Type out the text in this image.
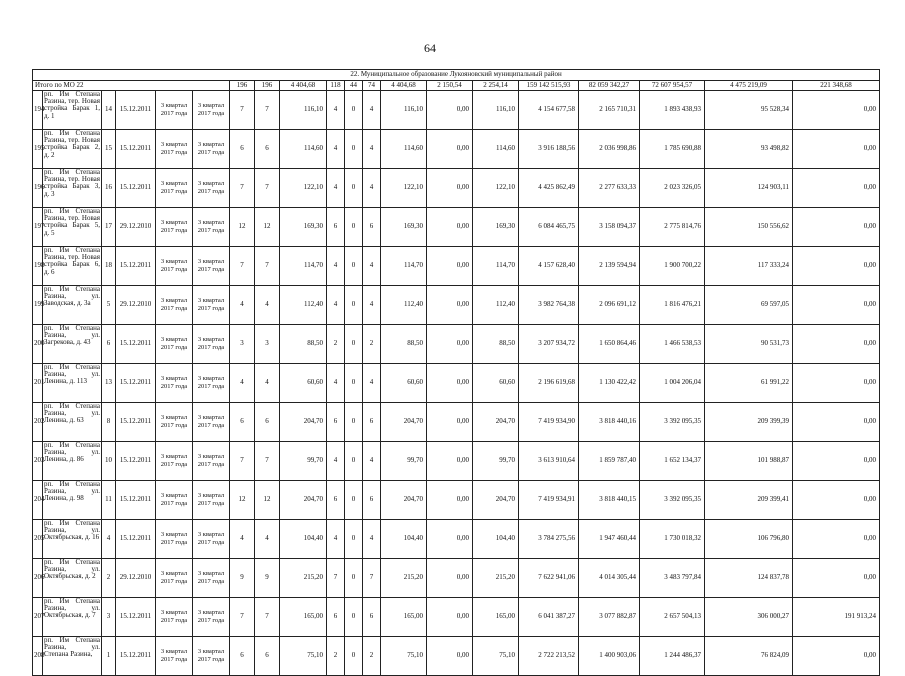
64
22. Муниципальное образование Лукояновский муниципальный район																			
Итого по МО 22						196	196	4 404,68	118	44	74	4 404,68	2 150,54	2 254,14	159 142 515,93	82 059 342,27	72 607 954,57	4 475 219,09	221 348,68
194	рп. Им Степана Разина, тер. Новая стройка Барак 1, д. 1	14	15.12.2011	3 квартал 2017 года	3 квартал 2017 года	7	7	116,10	4	0	4	116,10	0,00	116,10	4 154 677,58	2 165 710,31	1 893 438,93	95 528,34	0,00
195	рп. Им Степана Разина, тер. Новая стройка Барак 2, д. 2	15	15.12.2011	3 квартал 2017 года	3 квартал 2017 года	6	6	114,60	4	0	4	114,60	0,00	114,60	3 916 188,56	2 036 998,86	1 785 690,88	93 498,82	0,00
196	рп. Им Степана Разина, тер. Новая стройка Барак 3, д. 3	16	15.12.2011	3 квартал 2017 года	3 квартал 2017 года	7	7	122,10	4	0	4	122,10	0,00	122,10	4 425 862,49	2 277 633,33	2 023 326,05	124 903,11	0,00
197	рп. Им Степана Разина, тер. Новая стройка Барак 5, д. 5	17	29.12.2010	3 квартал 2017 года	3 квартал 2017 года	12	12	169,30	6	0	6	169,30	0,00	169,30	6 084 465,75	3 158 094,37	2 775 814,76	150 556,62	0,00
198	рп. Им Степана Разина, тер. Новая стройка Барак 6, д. 6	18	15.12.2011	3 квартал 2017 года	3 квартал 2017 года	7	7	114,70	4	0	4	114,70	0,00	114,70	4 157 628,40	2 139 594,94	1 900 700,22	117 333,24	0,00
199	рп. Им Степана Разина, ул. Заводская, д. 3а	5	29.12.2010	3 квартал 2017 года	3 квартал 2017 года	4	4	112,40	4	0	4	112,40	0,00	112,40	3 982 764,38	2 096 691,12	1 816 476,21	69 597,05	0,00
200	рп. Им Степана Разина, ул. Загрекова, д. 43	6	15.12.2011	3 квартал 2017 года	3 квартал 2017 года	3	3	88,50	2	0	2	88,50	0,00	88,50	3 207 934,72	1 650 864,46	1 466 538,53	90 531,73	0,00
201	рп. Им Степана Разина, ул. Ленина, д. 113	13	15.12.2011	3 квартал 2017 года	3 квартал 2017 года	4	4	60,60	4	0	4	60,60	0,00	60,60	2 196 619,68	1 130 422,42	1 004 206,04	61 991,22	0,00
202	рп. Им Степана Разина, ул. Ленина, д. 63	8	15.12.2011	3 квартал 2017 года	3 квартал 2017 года	6	6	204,70	6	0	6	204,70	0,00	204,70	7 419 934,90	3 818 440,16	3 392 095,35	209 399,39	0,00
203	рп. Им Степана Разина, ул. Ленина, д. 86	10	15.12.2011	3 квартал 2017 года	3 квартал 2017 года	7	7	99,70	4	0	4	99,70	0,00	99,70	3 613 910,64	1 859 787,40	1 652 134,37	101 988,87	0,00
204	рп. Им Степана Разина, ул. Ленина, д. 98	11	15.12.2011	3 квартал 2017 года	3 квартал 2017 года	12	12	204,70	6	0	6	204,70	0,00	204,70	7 419 934,91	3 818 440,15	3 392 095,35	209 399,41	0,00
205	рп. Им Степана Разина, ул. Октябрьская, д. 16	4	15.12.2011	3 квартал 2017 года	3 квартал 2017 года	4	4	104,40	4	0	4	104,40	0,00	104,40	3 784 275,56	1 947 460,44	1 730 018,32	106 796,80	0,00
206	рп. Им Степана Разина, ул. Октябрьская, д. 2	2	29.12.2010	3 квартал 2017 года	3 квартал 2017 года	9	9	215,20	7	0	7	215,20	0,00	215,20	7 622 941,06	4 014 305,44	3 483 797,84	124 837,78	0,00
207	рп. Им Степана Разина, ул. Октябрьская, д. 7	3	15.12.2011	3 квартал 2017 года	3 квартал 2017 года	7	7	165,00	6	0	6	165,00	0,00	165,00	6 041 387,27	3 077 882,87	2 657 504,13	306 000,27	191 913,24
208	рп. Им Степана Разина, ул. Степана Разина,	1	15.12.2011	3 квартал 2017 года	3 квартал 2017 года	6	6	75,10	2	0	2	75,10	0,00	75,10	2 722 213,52	1 400 903,06	1 244 486,37	76 824,09	0,00
